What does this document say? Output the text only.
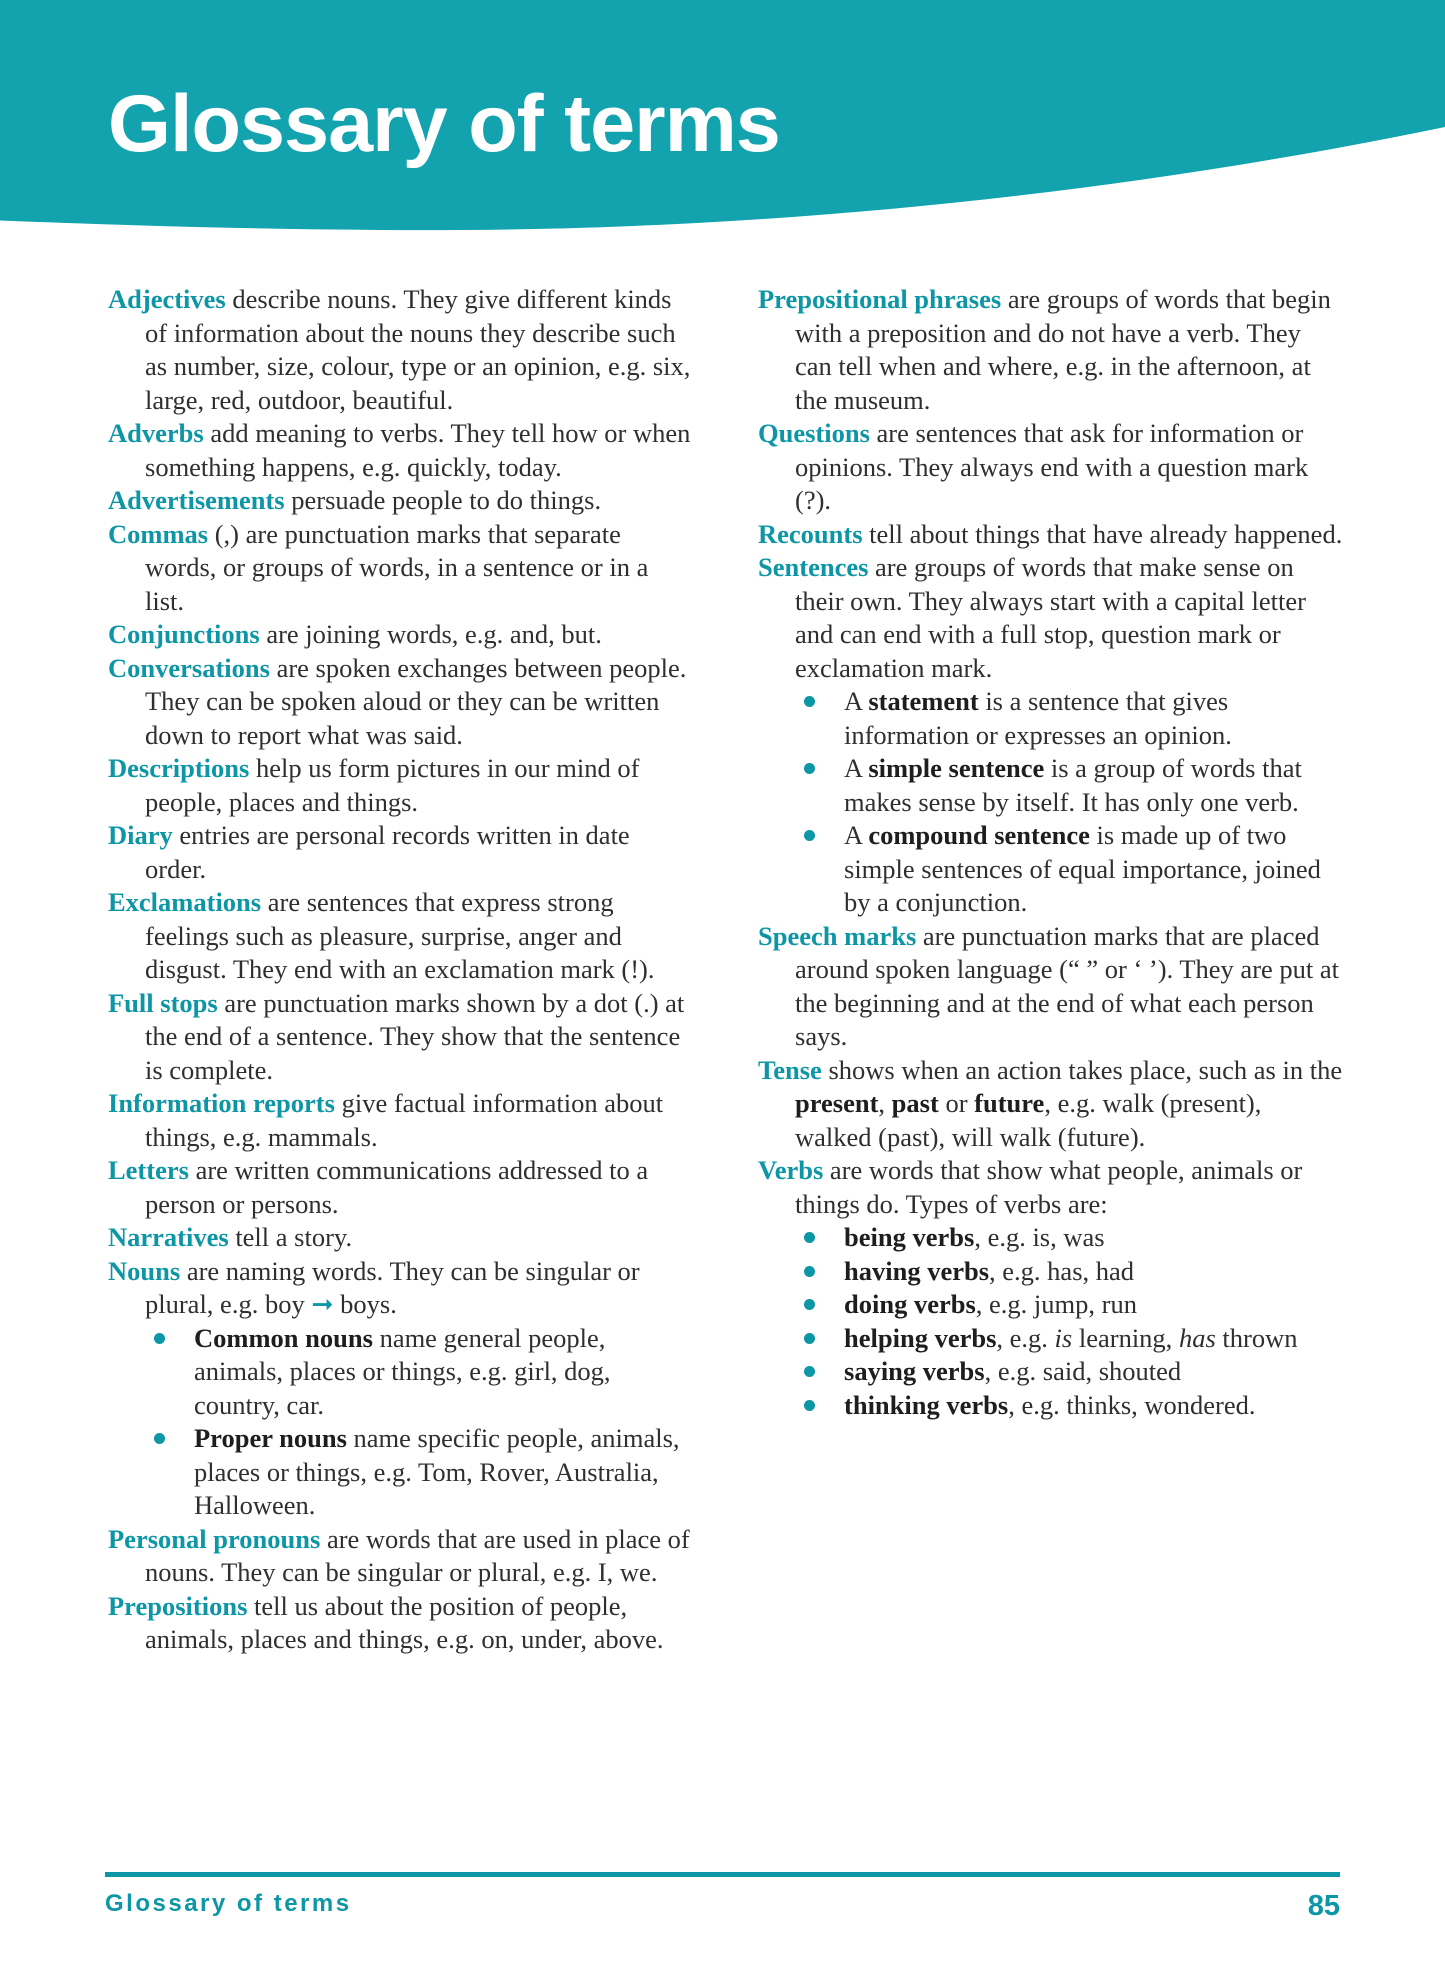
Glossary of terms

Adjectives describe nouns. They give different kinds of information about the nouns they describe such as number, size, colour, type or an opinion, e.g. six, large, red, outdoor, beautiful.

Adverbs add meaning to verbs. They tell how or when something happens, e.g. quickly, today.

Advertisements persuade people to do things.

Commas (,) are punctuation marks that separate words, or groups of words, in a sentence or in a list.

Conjunctions are joining words, e.g. and, but.

Conversations are spoken exchanges between people. They can be spoken aloud or they can be written down to report what was said.

Descriptions help us form pictures in our mind of people, places and things.

Diary entries are personal records written in date order.

Exclamations are sentences that express strong feelings such as pleasure, surprise, anger and disgust. They end with an exclamation mark (!).

Full stops are punctuation marks shown by a dot (.) at the end of a sentence. They show that the sentence is complete.

Information reports give factual information about things, e.g. mammals.

Letters are written communications addressed to a person or persons.

Narratives tell a story.

Nouns are naming words. They can be singular or plural, e.g. boy ➞ boys.

Common nouns name general people, animals, places or things, e.g. girl, dog, country, car.
Proper nouns name specific people, animals, places or things, e.g. Tom, Rover, Australia, Halloween.

Personal pronouns are words that are used in place of nouns. They can be singular or plural, e.g. I, we.

Prepositions tell us about the position of people, animals, places and things, e.g. on, under, above.

Prepositional phrases are groups of words that begin with a preposition and do not have a verb. They can tell when and where, e.g. in the afternoon, at the museum.

Questions are sentences that ask for information or opinions. They always end with a question mark (?).

Recounts tell about things that have already happened.

Sentences are groups of words that make sense on their own. They always start with a capital letter and can end with a full stop, question mark or exclamation mark.

A statement is a sentence that gives information or expresses an opinion.
A simple sentence is a group of words that makes sense by itself. It has only one verb.
A compound sentence is made up of two simple sentences of equal importance, joined by a conjunction.

Speech marks are punctuation marks that are placed around spoken language (“ ” or ‘ ’). They are put at the beginning and at the end of what each person says.

Tense shows when an action takes place, such as in the present, past or future, e.g. walk (present), walked (past), will walk (future).

Verbs are words that show what people, animals or things do. Types of verbs are:

being verbs, e.g. is, was
having verbs, e.g. has, had
doing verbs, e.g. jump, run
helping verbs, e.g. is learning, has thrown
saying verbs, e.g. said, shouted
thinking verbs, e.g. thinks, wondered.
Glossary of terms	85
